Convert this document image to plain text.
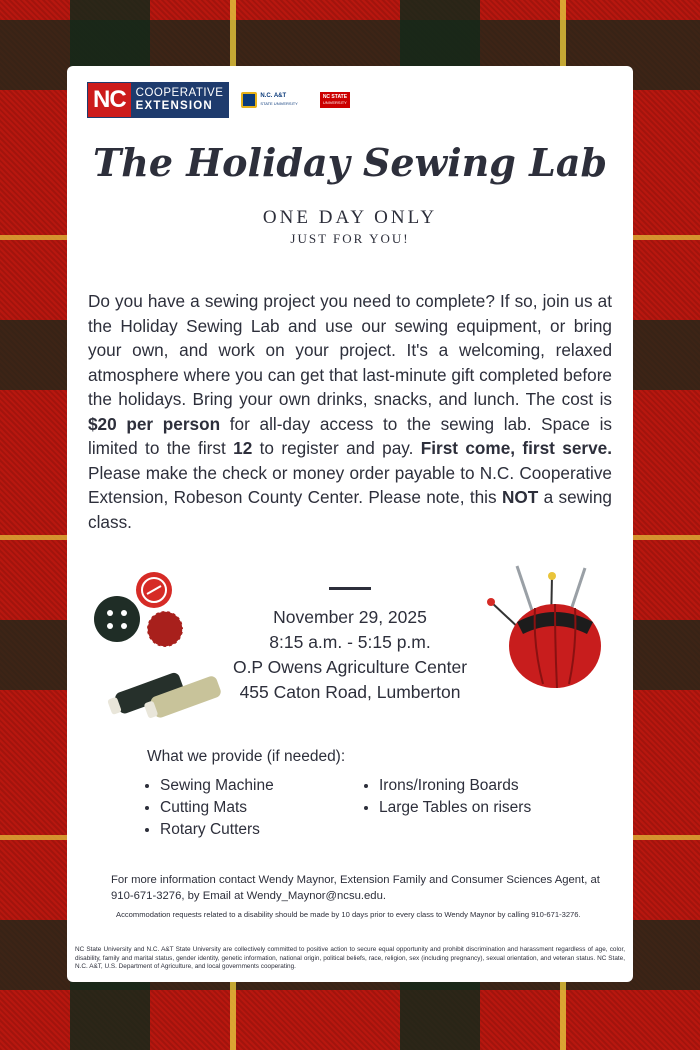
NC COOPERATIVE
EXTENSION
N.C. A&T
STATE UNIVERSITY
NC STATE
UNIVERSITY
The Holiday Sewing Lab
ONE DAY ONLY
JUST FOR YOU!
Do you have a sewing project you need to complete? If so, join us at the Holiday Sewing Lab and use our sewing equipment, or bring your own, and work on your project. It's a welcoming, relaxed atmosphere where you can get that last-minute gift completed before the holidays. Bring your own drinks, snacks, and lunch. The cost is $20 per person for all-day access to the sewing lab. Space is limited to the first 12 to register and pay. First come, first serve. Please make the check or money order payable to N.C. Cooperative Extension, Robeson County Center. Please note, this NOT a sewing class.
November 29, 2025
8:15 a.m. - 5:15 p.m.
O.P Owens Agriculture Center
455 Caton Road, Lumberton
What we provide (if needed):
Sewing Machine
Cutting Mats
Rotary Cutters
Irons/Ironing Boards
Large Tables on risers
For more information contact Wendy Maynor, Extension Family and Consumer Sciences Agent, at 910-671-3276, by Email at Wendy_Maynor@ncsu.edu.
Accommodation requests related to a disability should be made by 10 days prior to every class to Wendy Maynor by calling 910-671-3276.
NC State University and N.C. A&T State University are collectively committed to positive action to secure equal opportunity and prohibit discrimination and harassment regardless of age, color, disability, family and marital status, gender identity, genetic information, national origin, political beliefs, race, religion, sex (including pregnancy), sexual orientation, and veteran status. NC State, N.C. A&T, U.S. Department of Agriculture, and local governments cooperating.
